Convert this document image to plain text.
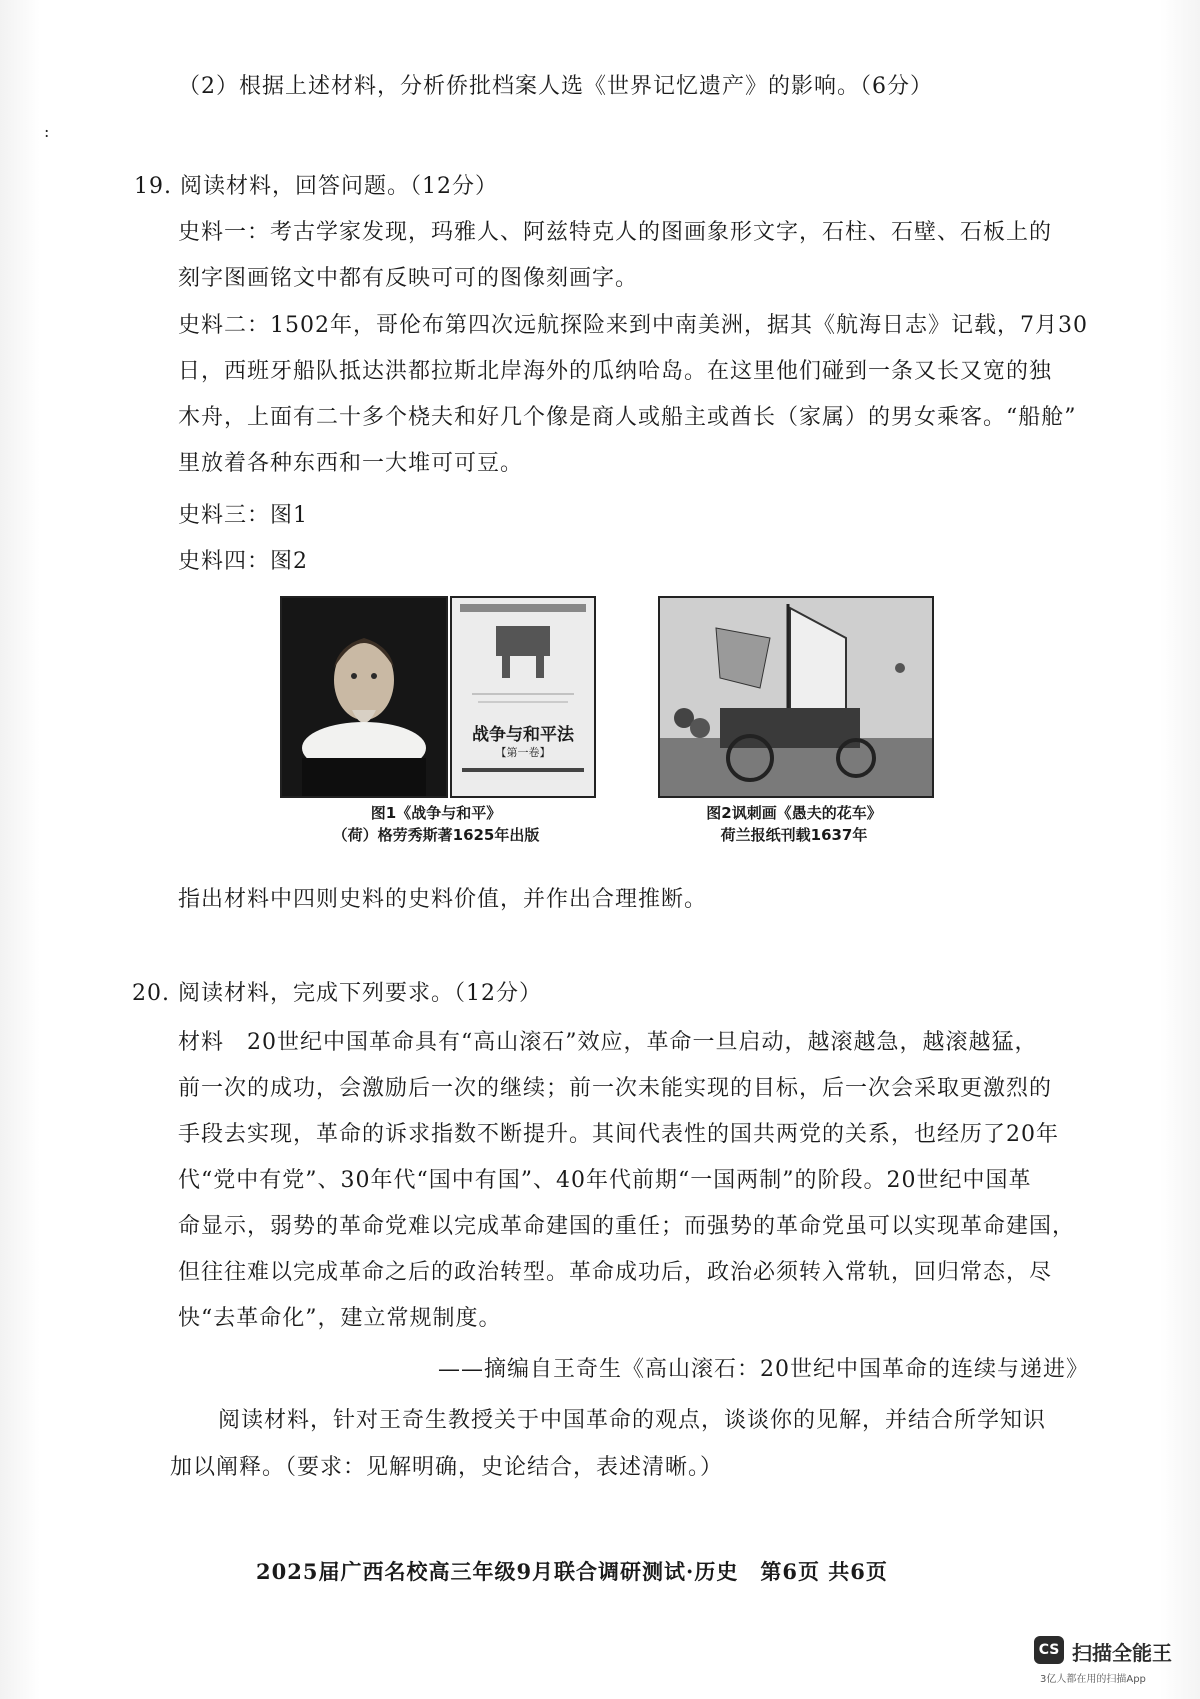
（2）根据上述材料，分析侨批档案人选《世界记忆遗产》的影响。（6分）
:
19. 阅读材料，回答问题。（12分）
史料一：考古学家发现，玛雅人、阿兹特克人的图画象形文字，石柱、石壁、石板上的
刻字图画铭文中都有反映可可的图像刻画字。
史料二：1502年，哥伦布第四次远航探险来到中南美洲，据其《航海日志》记载，7月30
日，西班牙船队抵达洪都拉斯北岸海外的瓜纳哈岛。在这里他们碰到一条又长又宽的独
木舟，上面有二十多个桡夫和好几个像是商人或船主或酋长（家属）的男女乘客。“船舱”
里放着各种东西和一大堆可可豆。
史料三：图1
史料四：图2
战争与和平法
【第一卷】
图1《战争与和平》
（荷）格劳秀斯著1625年出版
图2讽刺画《愚夫的花车》
荷兰报纸刊载1637年
指出材料中四则史料的史料价值，并作出合理推断。
20. 阅读材料，完成下列要求。（12分）
材料　20世纪中国革命具有“高山滚石”效应，革命一旦启动，越滚越急，越滚越猛，
前一次的成功，会激励后一次的继续；前一次未能实现的目标，后一次会采取更激烈的
手段去实现，革命的诉求指数不断提升。其间代表性的国共两党的关系，也经历了20年
代“党中有党”、30年代“国中有国”、40年代前期“一国两制”的阶段。20世纪中国革
命显示，弱势的革命党难以完成革命建国的重任；而强势的革命党虽可以实现革命建国，
但往往难以完成革命之后的政治转型。革命成功后，政治必须转入常轨，回归常态，尽
快“去革命化”，建立常规制度。
——摘编自王奇生《高山滚石：20世纪中国革命的连续与递进》
阅读材料，针对王奇生教授关于中国革命的观点，谈谈你的见解，并结合所学知识
加以阐释。（要求：见解明确，史论结合，表述清晰。）
2025届广西名校高三年级9月联合调研测试·历史　第6页 共6页
CS 扫描全能王
3亿人都在用的扫描App
